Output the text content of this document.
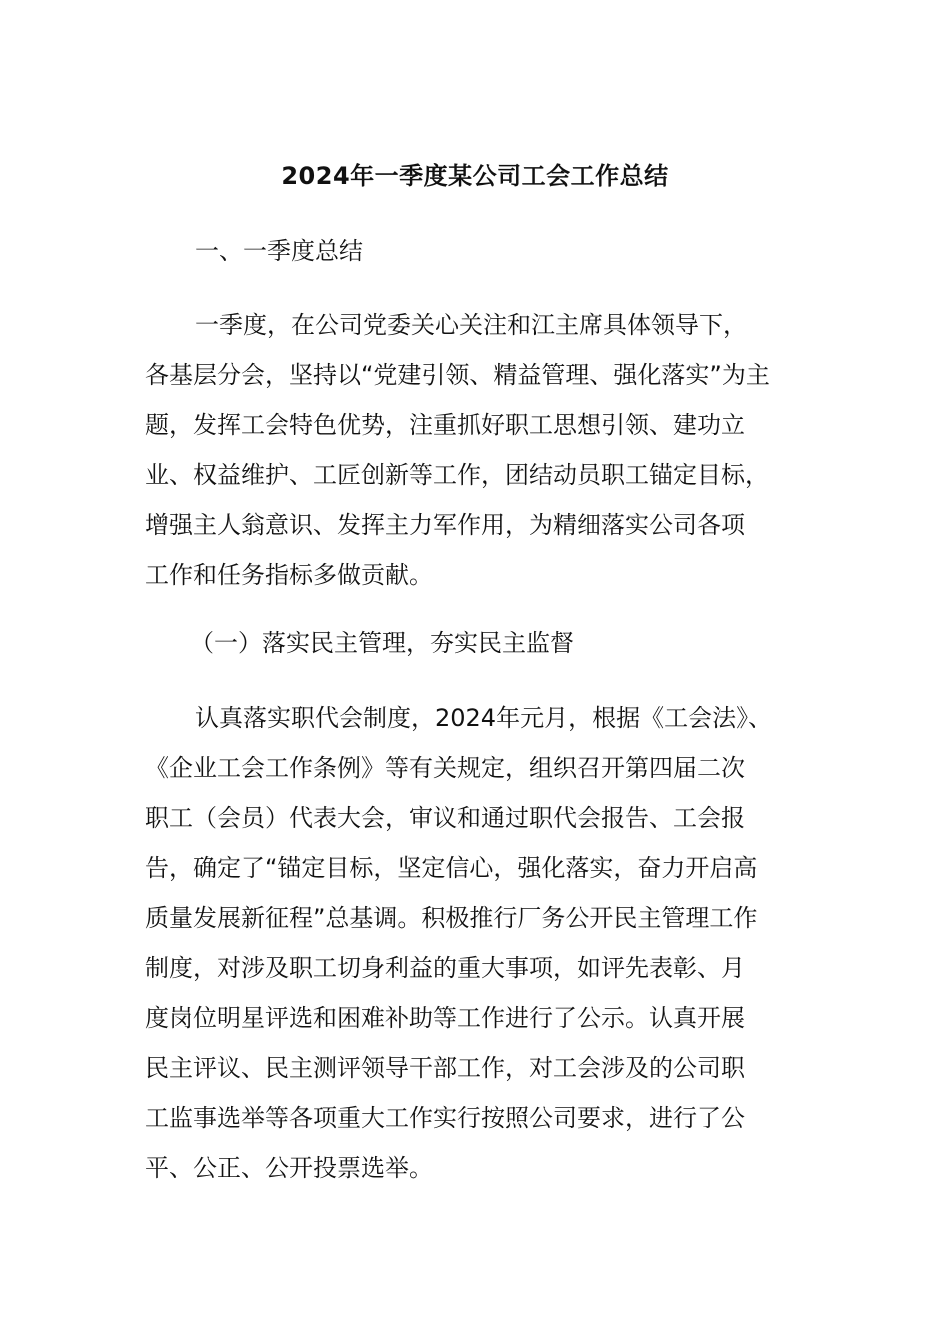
2024年一季度某公司工会工作总结
一、一季度总结

一季度，在公司党委关心关注和江主席具体领导下，
各基层分会，坚持以“党建引领、精益管理、强化落实”为主
题，发挥工会特色优势，注重抓好职工思想引领、建功立
业、权益维护、工匠创新等工作，团结动员职工锚定目标，
增强主人翁意识、发挥主力军作用，为精细落实公司各项
工作和任务指标多做贡献。

（一）落实民主管理，夯实民主监督

认真落实职代会制度，2024年元月，根据《工会法》、
《企业工会工作条例》等有关规定，组织召开第四届二次
职工（会员）代表大会，审议和通过职代会报告、工会报
告，确定了“锚定目标，坚定信心，强化落实，奋力开启高
质量发展新征程”总基调。积极推行厂务公开民主管理工作
制度，对涉及职工切身利益的重大事项，如评先表彰、月
度岗位明星评选和困难补助等工作进行了公示。认真开展
民主评议、民主测评领导干部工作，对工会涉及的公司职
工监事选举等各项重大工作实行按照公司要求，进行了公
平、公正、公开投票选举。
